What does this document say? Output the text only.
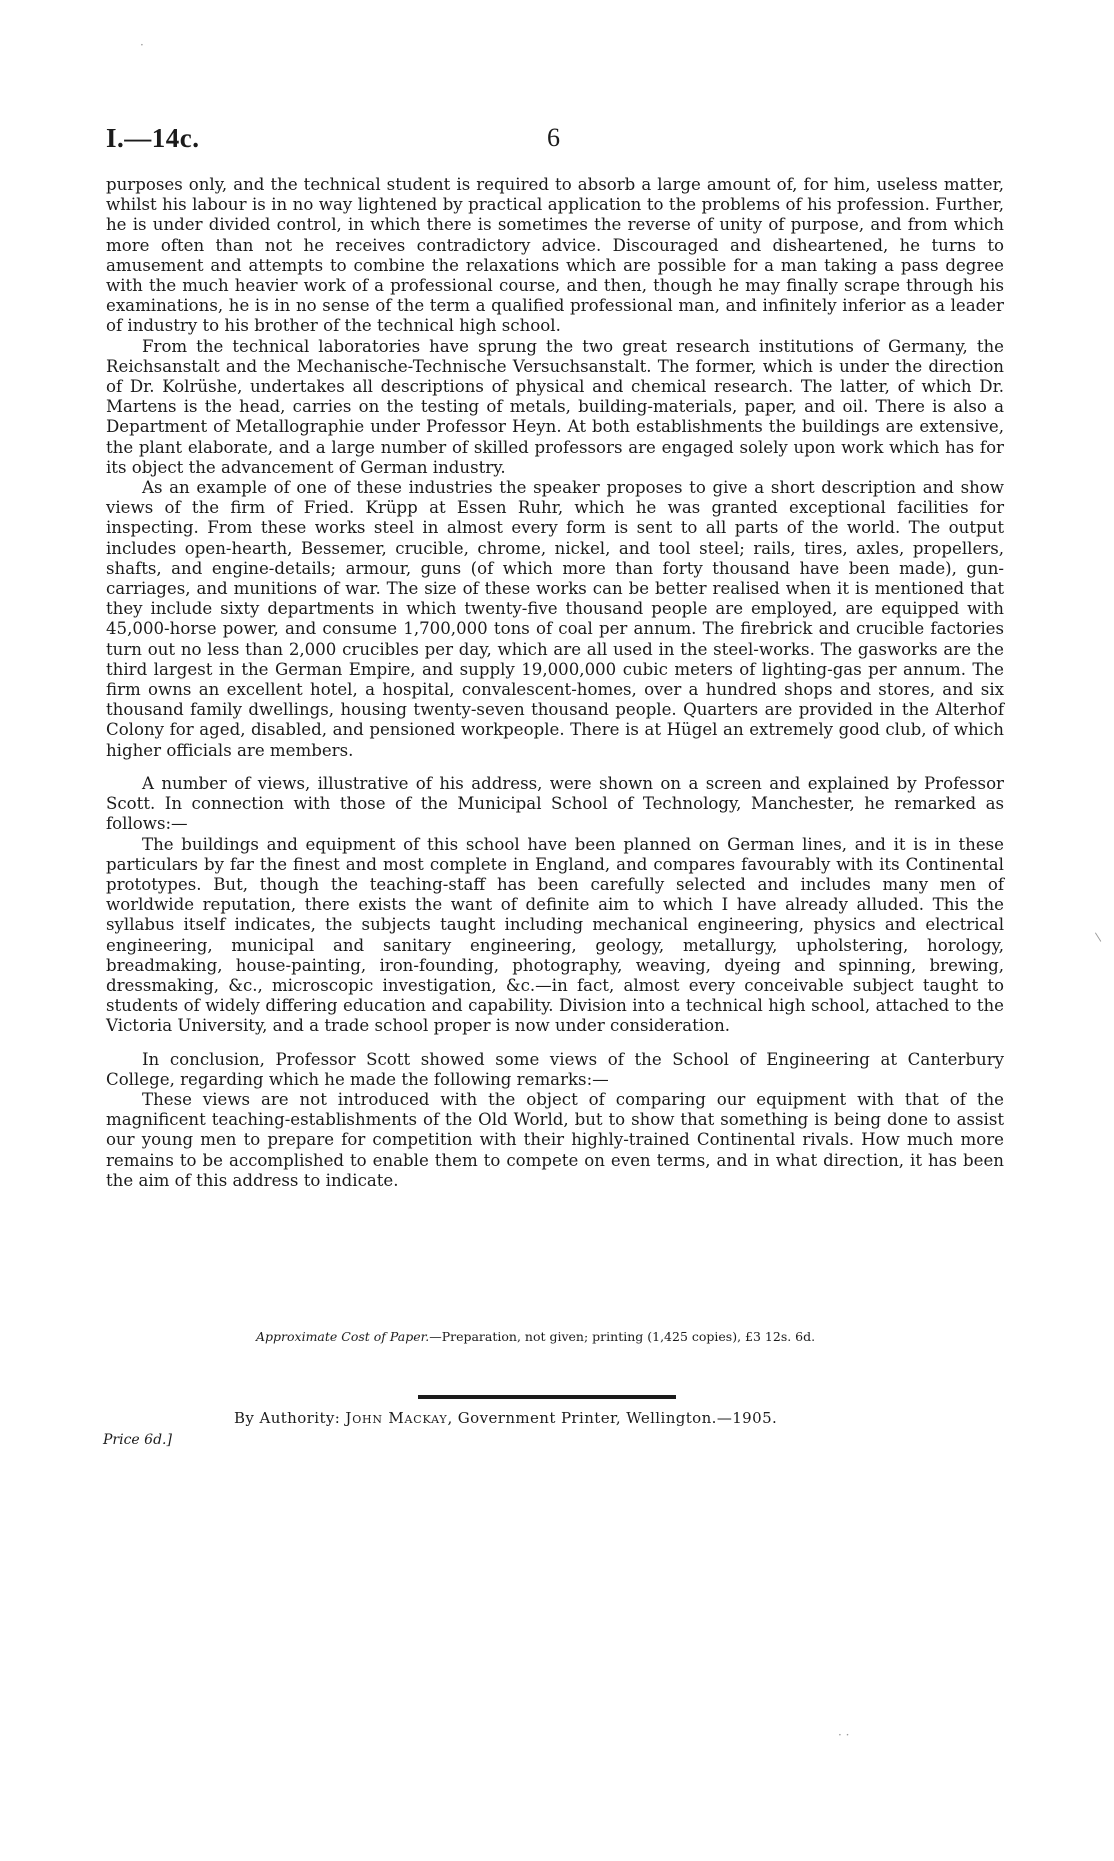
I.—14c.	6

purposes only, and the technical student is required to absorb a large amount of, for him, useless matter, whilst his labour is in no way lightened by practical application to the problems of his profession. Further, he is under divided control, in which there is sometimes the reverse of unity of purpose, and from which more often than not he receives contradictory advice. Discouraged and disheartened, he turns to amusement and attempts to combine the relaxations which are possible for a man taking a pass degree with the much heavier work of a professional course, and then, though he may finally scrape through his examinations, he is in no sense of the term a qualified professional man, and infinitely inferior as a leader of industry to his brother of the technical high school.

From the technical laboratories have sprung the two great research institutions of Germany, the Reichsanstalt and the Mechanische-Technische Versuchsanstalt. The former, which is under the direction of Dr. Kolrüshe, undertakes all descriptions of physical and chemical research. The latter, of which Dr. Martens is the head, carries on the testing of metals, building-materials, paper, and oil. There is also a Department of Metallographie under Professor Heyn. At both establishments the buildings are extensive, the plant elaborate, and a large number of skilled professors are engaged solely upon work which has for its object the advancement of German industry.

As an example of one of these industries the speaker proposes to give a short description and show views of the firm of Fried. Krüpp at Essen Ruhr, which he was granted exceptional facilities for inspecting. From these works steel in almost every form is sent to all parts of the world. The output includes open-hearth, Bessemer, crucible, chrome, nickel, and tool steel; rails, tires, axles, propellers, shafts, and engine-details; armour, guns (of which more than forty thousand have been made), gun-carriages, and munitions of war. The size of these works can be better realised when it is mentioned that they include sixty departments in which twenty-five thousand people are employed, are equipped with 45,000-horse power, and consume 1,700,000 tons of coal per annum. The firebrick and crucible factories turn out no less than 2,000 crucibles per day, which are all used in the steel-works. The gasworks are the third largest in the German Empire, and supply 19,000,000 cubic meters of lighting-gas per annum. The firm owns an excellent hotel, a hospital, convalescent-homes, over a hundred shops and stores, and six thousand family dwellings, housing twenty-seven thousand people. Quarters are provided in the Alterhof Colony for aged, disabled, and pensioned workpeople. There is at Hügel an extremely good club, of which higher officials are members.

A number of views, illustrative of his address, were shown on a screen and explained by Professor Scott. In connection with those of the Municipal School of Technology, Manchester, he remarked as follows:—

The buildings and equipment of this school have been planned on German lines, and it is in these particulars by far the finest and most complete in England, and compares favourably with its Continental prototypes. But, though the teaching-staff has been carefully selected and includes many men of worldwide reputation, there exists the want of definite aim to which I have already alluded. This the syllabus itself indicates, the subjects taught including mechanical engineering, physics and electrical engineering, municipal and sanitary engineering, geology, metallurgy, upholstering, horology, breadmaking, house-painting, iron-founding, photography, weaving, dyeing and spinning, brewing, dressmaking, &c., microscopic investigation, &c.—in fact, almost every conceivable subject taught to students of widely differing education and capability. Division into a technical high school, attached to the Victoria University, and a trade school proper is now under consideration.

In conclusion, Professor Scott showed some views of the School of Engineering at Canterbury College, regarding which he made the following remarks:—

These views are not introduced with the object of comparing our equipment with that of the magnificent teaching-establishments of the Old World, but to show that something is being done to assist our young men to prepare for competition with their highly-trained Continental rivals. How much more remains to be accomplished to enable them to compete on even terms, and in what direction, it has been the aim of this address to indicate.

Approximate Cost of Paper.—Preparation, not given; printing (1,425 copies), £3 12s. 6d.
By Authority: John Mackay, Government Printer, Wellington.—1905.
Price 6d.]
·
/
· ·
